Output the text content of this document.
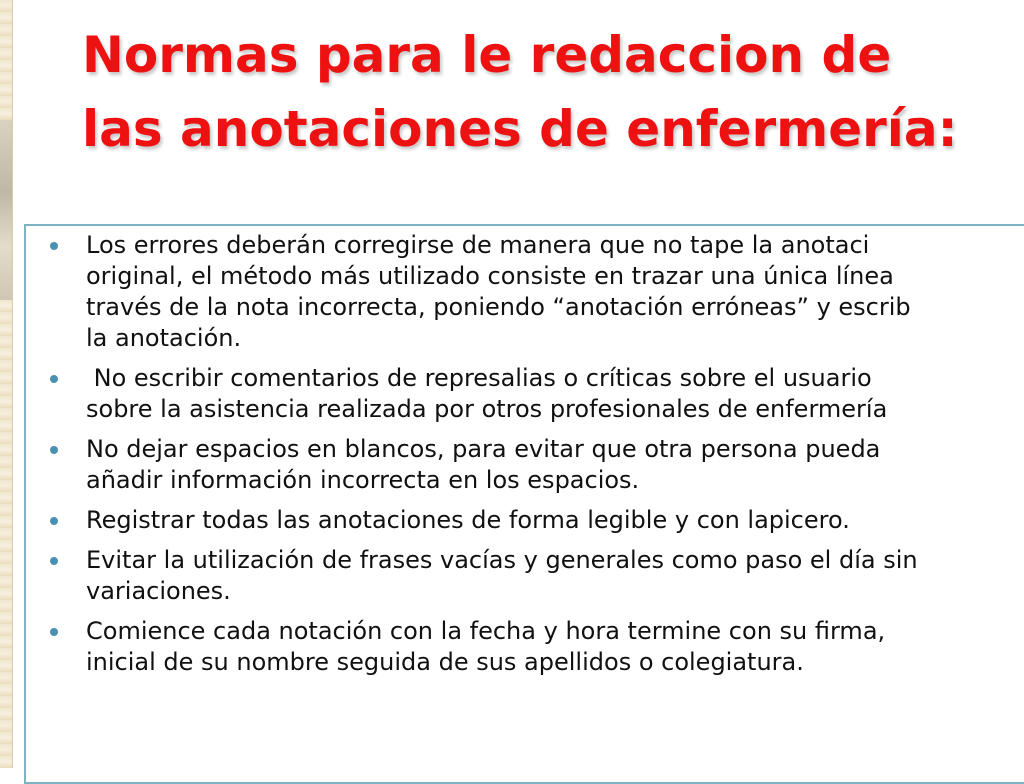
Normas para le redaccion de
las anotaciones de enfermería:
Los errores deberán corregirse de manera que no tape la anotaci
original, el método más utilizado consiste en trazar una única línea
través de la nota incorrecta, poniendo “anotación erróneas” y escrib
la anotación.
No escribir comentarios de represalias o críticas sobre el usuario
sobre la asistencia realizada por otros profesionales de enfermería
No dejar espacios en blancos, para evitar que otra persona pueda
añadir información incorrecta en los espacios.
Registrar todas las anotaciones de forma legible y con lapicero.
Evitar la utilización de frases vacías y generales como paso el día sin
variaciones.
Comience cada notación con la fecha y hora termine con su firma,
inicial de su nombre seguida de sus apellidos o colegiatura.
